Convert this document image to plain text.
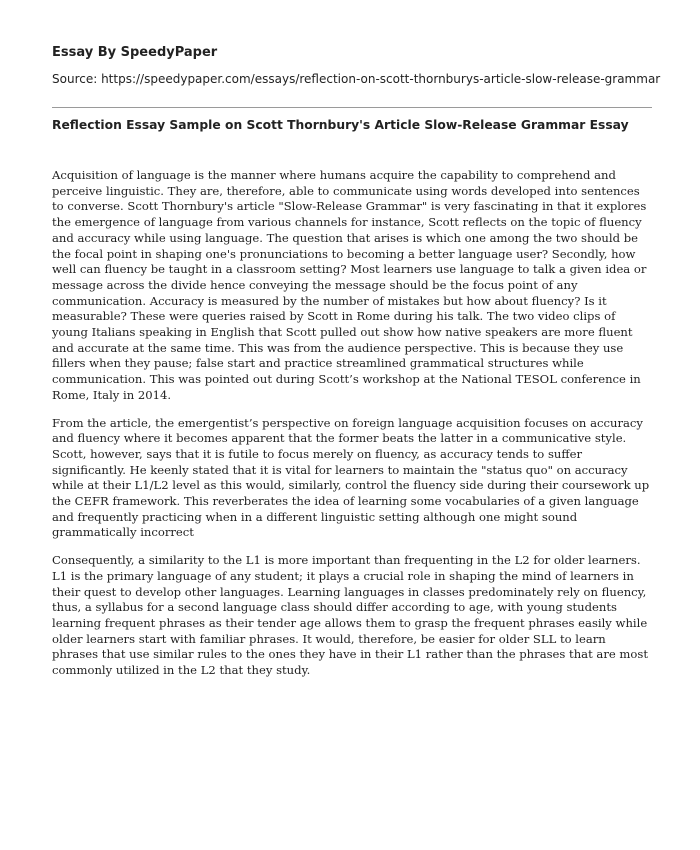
Essay By SpeedyPaper
Source: https://speedypaper.com/essays/reflection-on-scott-thornburys-article-slow-release-grammar
Reflection Essay Sample on Scott Thornbury's Article Slow-Release Grammar Essay

Acquisition of language is the manner where humans acquire the capability to comprehend and perceive linguistic. They are, therefore, able to communicate using words developed into sentences to converse. Scott Thornbury's article "Slow-Release Grammar" is very fascinating in that it explores the emergence of language from various channels for instance, Scott reflects on the topic of fluency and accuracy while using language. The question that arises is which one among the two should be the focal point in shaping one's pronunciations to becoming a better language user? Secondly, how well can fluency be taught in a classroom setting? Most learners use language to talk a given idea or message across the divide hence conveying the message should be the focus point of any communication. Accuracy is measured by the number of mistakes but how about fluency? Is it measurable? These were queries raised by Scott in Rome during his talk. The two video clips of young Italians speaking in English that Scott pulled out show how native speakers are more fluent and accurate at the same time. This was from the audience perspective. This is because they use fillers when they pause; false start and practice streamlined grammatical structures while communication. This was pointed out during Scott’s workshop at the National TESOL conference in Rome, Italy in 2014.

From the article, the emergentist’s perspective on foreign language acquisition focuses on accuracy and fluency where it becomes apparent that the former beats the latter in a communicative style. Scott, however, says that it is futile to focus merely on fluency, as accuracy tends to suffer significantly. He keenly stated that it is vital for learners to maintain the "status quo" on accuracy while at their L1/L2 level as this would, similarly, control the fluency side during their coursework up the CEFR framework. This reverberates the idea of learning some vocabularies of a given language and frequently practicing when in a different linguistic setting although one might sound grammatically incorrect

Consequently, a similarity to the L1 is more important than frequenting in the L2 for older learners. L1 is the primary language of any student; it plays a crucial role in shaping the mind of learners in their quest to develop other languages. Learning languages in classes predominately rely on fluency, thus, a syllabus for a second language class should differ according to age, with young students learning frequent phrases as their tender age allows them to grasp the frequent phrases easily while older learners start with familiar phrases. It would, therefore, be easier for older SLL to learn phrases that use similar rules to the ones they have in their L1 rather than the phrases that are most commonly utilized in the L2 that they study.
